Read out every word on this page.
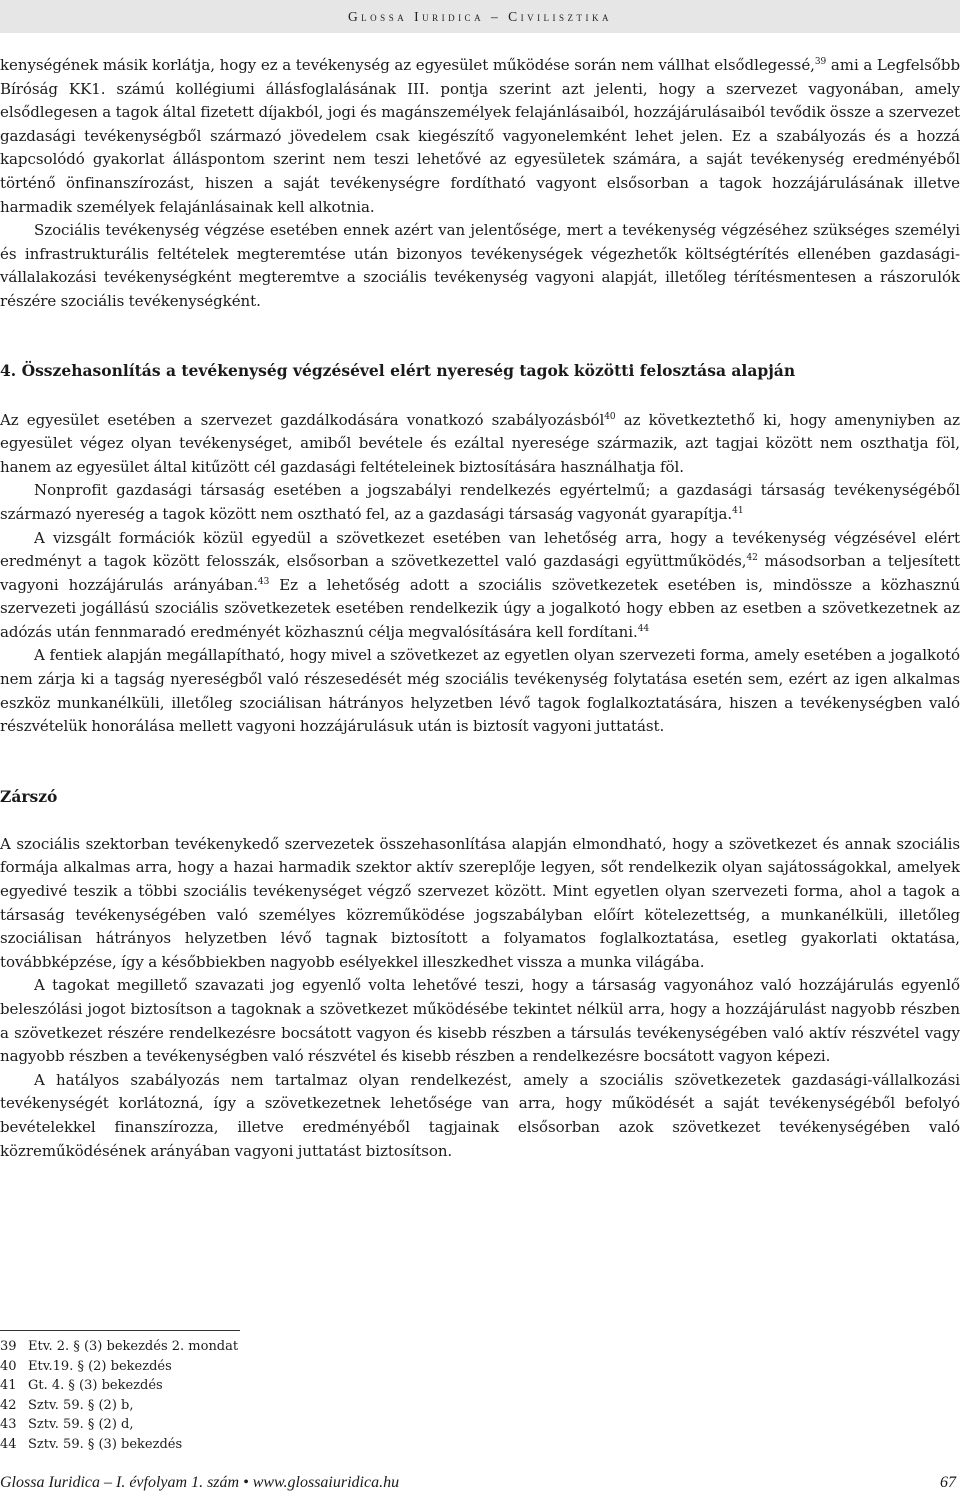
Glossa Iuridica – Civilisztika

kenységének másik korlátja, hogy ez a tevékenység az egyesület működése során nem vállhat elsődlegessé,$^{39}$ ami a Legfelsőbb Bíróság KK1. számú kollégiumi állásfoglalásának III. pontja szerint azt jelenti, hogy a szervezet vagyonában, amely elsődlegesen a tagok által fizetett díjakból, jogi és magánszemélyek felajánlásaiból, hozzájárulásaiból tevődik össze a szervezet gazdasági tevékenységből származó jövedelem csak kiegészítő vagyonelemként lehet jelen. Ez a szabályozás és a hozzá kapcsolódó gyakorlat álláspontom szerint nem teszi lehetővé az egyesületek számára, a saját tevékenység eredményéből történő önfinanszírozást, hiszen a saját tevékenységre fordítható vagyont elsősorban a tagok hozzájárulásának illetve harmadik személyek felajánlásainak kell alkotnia.

Szociális tevékenység végzése esetében ennek azért van jelentősége, mert a tevékenység végzéséhez szükséges személyi és infrastrukturális feltételek megteremtése után bizonyos tevékenységek végezhetők költségtérítés ellenében gazdasági-vállalakozási tevékenységként megteremtve a szociális tevékenység vagyoni alapját, illetőleg térítésmentesen a rászorulók részére szociális tevékenységként.

4. Összehasonlítás a tevékenység végzésével elért nyereség tagok közötti felosztása alapján

Az egyesület esetében a szervezet gazdálkodására vonatkozó szabályozásból$^{40}$ az következtethő ki, hogy amenyniyben az egyesület végez olyan tevékenységet, amiből bevétele és ezáltal nyeresége származik, azt tagjai között nem oszthatja föl, hanem az egyesület által kitűzött cél gazdasági feltételeinek biztosítására használhatja föl.

Nonprofit gazdasági társaság esetében a jogszabályi rendelkezés egyértelmű; a gazdasági társaság tevékenységéből származó nyereség a tagok között nem osztható fel, az a gazdasági társaság vagyonát gyarapítja.$^{41}$

A vizsgált formációk közül egyedül a szövetkezet esetében van lehetőség arra, hogy a tevékenység végzésével elért eredményt a tagok között felosszák, elsősorban a szövetkezettel való gazdasági együttműködés,$^{42}$ másodsorban a teljesített vagyoni hozzájárulás arányában.$^{43}$ Ez a lehetőség adott a szociális szövetkezetek esetében is, mindössze a közhasznú szervezeti jogállású szociális szövetkezetek esetében rendelkezik úgy a jogalkotó hogy ebben az esetben a szövetkezetnek az adózás után fennmaradó eredményét közhasznú célja megvalósítására kell fordítani.$^{44}$

A fentiek alapján megállapítható, hogy mivel a szövetkezet az egyetlen olyan szervezeti forma, amely esetében a jogalkotó nem zárja ki a tagság nyereségből való részesedését még szociális tevékenység folytatása esetén sem, ezért az igen alkalmas eszköz munkanélküli, illetőleg szociálisan hátrányos helyzetben lévő tagok foglalkoztatására, hiszen a tevékenységben való részvételük honorálása mellett vagyoni hozzájárulásuk után is biztosít vagyoni juttatást.

Zárszó

A szociális szektorban tevékenykedő szervezetek összehasonlítása alapján elmondható, hogy a szövetkezet és annak szociális formája alkalmas arra, hogy a hazai harmadik szektor aktív szereplője legyen, sőt rendelkezik olyan sajátosságokkal, amelyek egyedivé teszik a többi szociális tevékenységet végző szervezet között. Mint egyetlen olyan szervezeti forma, ahol a tagok a társaság tevékenységében való személyes közreműködése jogszabályban előírt kötelezettség, a munkanélküli, illetőleg szociálisan hátrányos helyzetben lévő tagnak biztosított a folyamatos foglalkoztatása, esetleg gyakorlati oktatása, továbbképzése, így a későbbiekben nagyobb esélyekkel illeszkedhet vissza a munka világába.

A tagokat megillető szavazati jog egyenlő volta lehetővé teszi, hogy a társaság vagyonához való hozzájárulás egyenlő beleszólási jogot biztosítson a tagoknak a szövetkezet működésébe tekintet nélkül arra, hogy a hozzájárulást nagyobb részben a szövetkezet részére rendelkezésre bocsátott vagyon és kisebb részben a társulás tevékenységében való aktív részvétel vagy nagyobb részben a tevékenységben való részvétel és kisebb részben a rendelkezésre bocsátott vagyon képezi.

A hatályos szabályozás nem tartalmaz olyan rendelkezést, amely a szociális szövetkezetek gazdasági-vállalkozási tevékenységét korlátozná, így a szövetkezetnek lehetősége van arra, hogy működését a saját tevékenységéből befolyó bevételekkel finanszírozza, illetve eredményéből tagjainak elsősorban azok szövetkezet tevékenységében való közreműködésének arányában vagyoni juttatást biztosítson.

39 Etv. 2. § (3) bekezdés 2. mondat
40 Etv.19. § (2) bekezdés
41 Gt. 4. § (3) bekezdés
42 Sztv. 59. § (2) b,
43 Sztv. 59. § (2) d,
44 Sztv. 59. § (3) bekezdés
Glossa Iuridica – I. évfolyam 1. szám • www.glossaiuridica.hu	67
